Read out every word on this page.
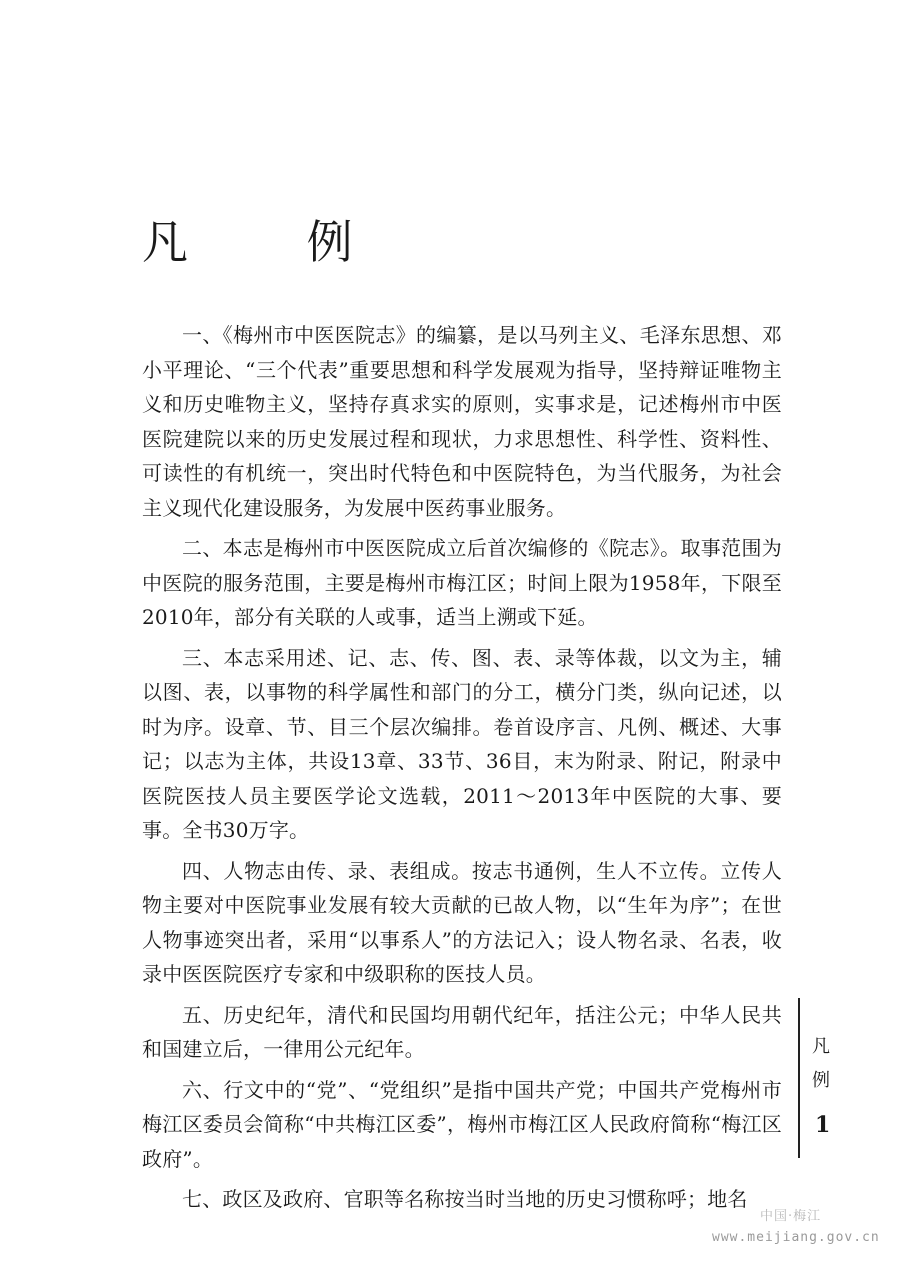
凡 例

一、《梅州市中医医院志》的编纂，是以马列主义、毛泽东思想、邓小平理论、“三个代表”重要思想和科学发展观为指导，坚持辩证唯物主义和历史唯物主义，坚持存真求实的原则，实事求是，记述梅州市中医医院建院以来的历史发展过程和现状，力求思想性、科学性、资料性、可读性的有机统一，突出时代特色和中医院特色，为当代服务，为社会主义现代化建设服务，为发展中医药事业服务。

二、本志是梅州市中医医院成立后首次编修的《院志》。取事范围为中医院的服务范围，主要是梅州市梅江区；时间上限为1958年，下限至2010年，部分有关联的人或事，适当上溯或下延。

三、本志采用述、记、志、传、图、表、录等体裁，以文为主，辅以图、表，以事物的科学属性和部门的分工，横分门类，纵向记述，以时为序。设章、节、目三个层次编排。卷首设序言、凡例、概述、大事记；以志为主体，共设13章、33节、36目，末为附录、附记，附录中医院医技人员主要医学论文选载，2011～2013年中医院的大事、要事。全书30万字。

四、人物志由传、录、表组成。按志书通例，生人不立传。立传人物主要对中医院事业发展有较大贡献的已故人物，以“生年为序”；在世人物事迹突出者，采用“以事系人”的方法记入；设人物名录、名表，收录中医医院医疗专家和中级职称的医技人员。

五、历史纪年，清代和民国均用朝代纪年，括注公元；中华人民共和国建立后，一律用公元纪年。

六、行文中的“党”、“党组织”是指中国共产党；中国共产党梅州市梅江区委员会简称“中共梅江区委”，梅州市梅江区人民政府简称“梅江区政府”。

七、政区及政府、官职等名称按当时当地的历史习惯称呼；地名

凡
例
1
中国·梅江
www.meijiang.gov.cn
